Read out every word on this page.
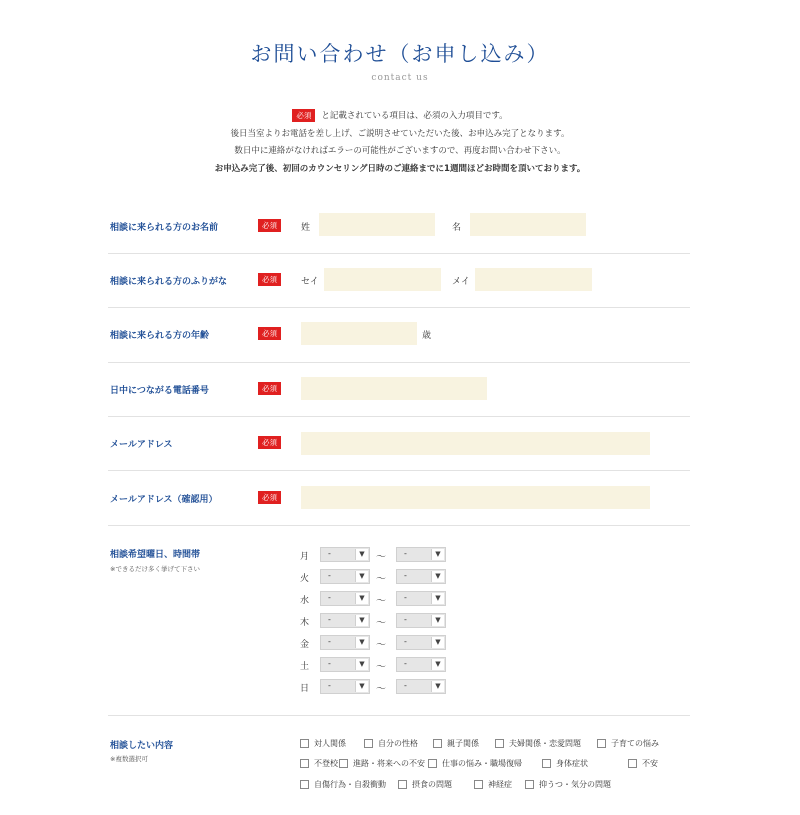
お問い合わせ（お申し込み）
contact us
必須 と記載されている項目は、必須の入力項目です。
後日当室よりお電話を差し上げ、ご説明させていただいた後、お申込み完了となります。
数日中に連絡がなければエラーの可能性がございますので、再度お問い合わせ下さい。
お申込み完了後、初回のカウンセリング日時のご連絡までに1週間ほどお時間を頂いております。
相談に来られる方のお名前	必須	姓	名
相談に来られる方のふりがな	必須	セイ	メイ
相談に来られる方の年齢	必須	歳
日中につながる電話番号	必須
メールアドレス	必須
メールアドレス（確認用）	必須
相談希望曜日、時間帯
※できるだけ多く挙げて下さい
月 -	▼	〜 -	▼
火 -	▼	〜 -	▼
水 -	▼	〜 -	▼
木 -	▼	〜 -	▼
金 -	▼	〜 -	▼
土 -	▼	〜 -	▼
日 -	▼	〜 -	▼
相談したい内容
※複数選択可
対人関係	自分の性格	親子関係	夫婦関係・恋愛問題	子育ての悩み
不登校 進路・将来への不安 仕事の悩み・職場復帰	身体症状	不安
自傷行為・自殺衝動	摂食の問題	神経症	抑うつ・気分の問題
